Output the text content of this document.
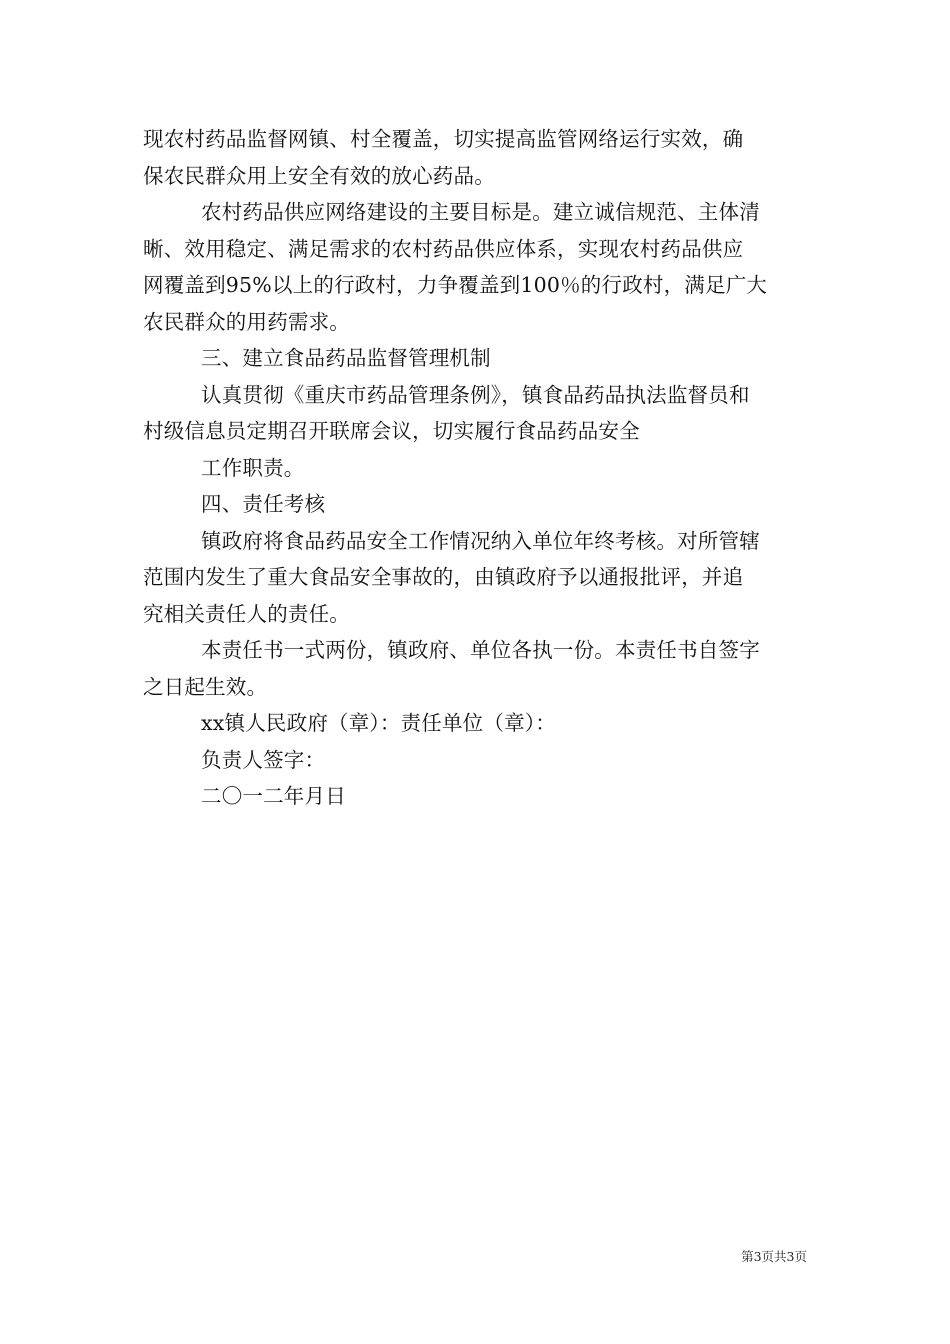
现农村药品监督网镇、村全覆盖，切实提高监管网络运行实效，确
保农民群众用上安全有效的放心药品。

农村药品供应网络建设的主要目标是。建立诚信规范、主体清
晰、效用稳定、满足需求的农村药品供应体系，实现农村药品供应
网覆盖到95%以上的行政村，力争覆盖到100％的行政村，满足广大
农民群众的用药需求。

三、建立食品药品监督管理机制

认真贯彻《重庆市药品管理条例》，镇食品药品执法监督员和
村级信息员定期召开联席会议，切实履行食品药品安全

工作职责。

四、责任考核

镇政府将食品药品安全工作情况纳入单位年终考核。对所管辖
范围内发生了重大食品安全事故的，由镇政府予以通报批评，并追
究相关责任人的责任。

本责任书一式两份，镇政府、单位各执一份。本责任书自签字
之日起生效。

xx镇人民政府（章）：责任单位（章）：

负责人签字：

二〇一二年月日

第3页共3页
